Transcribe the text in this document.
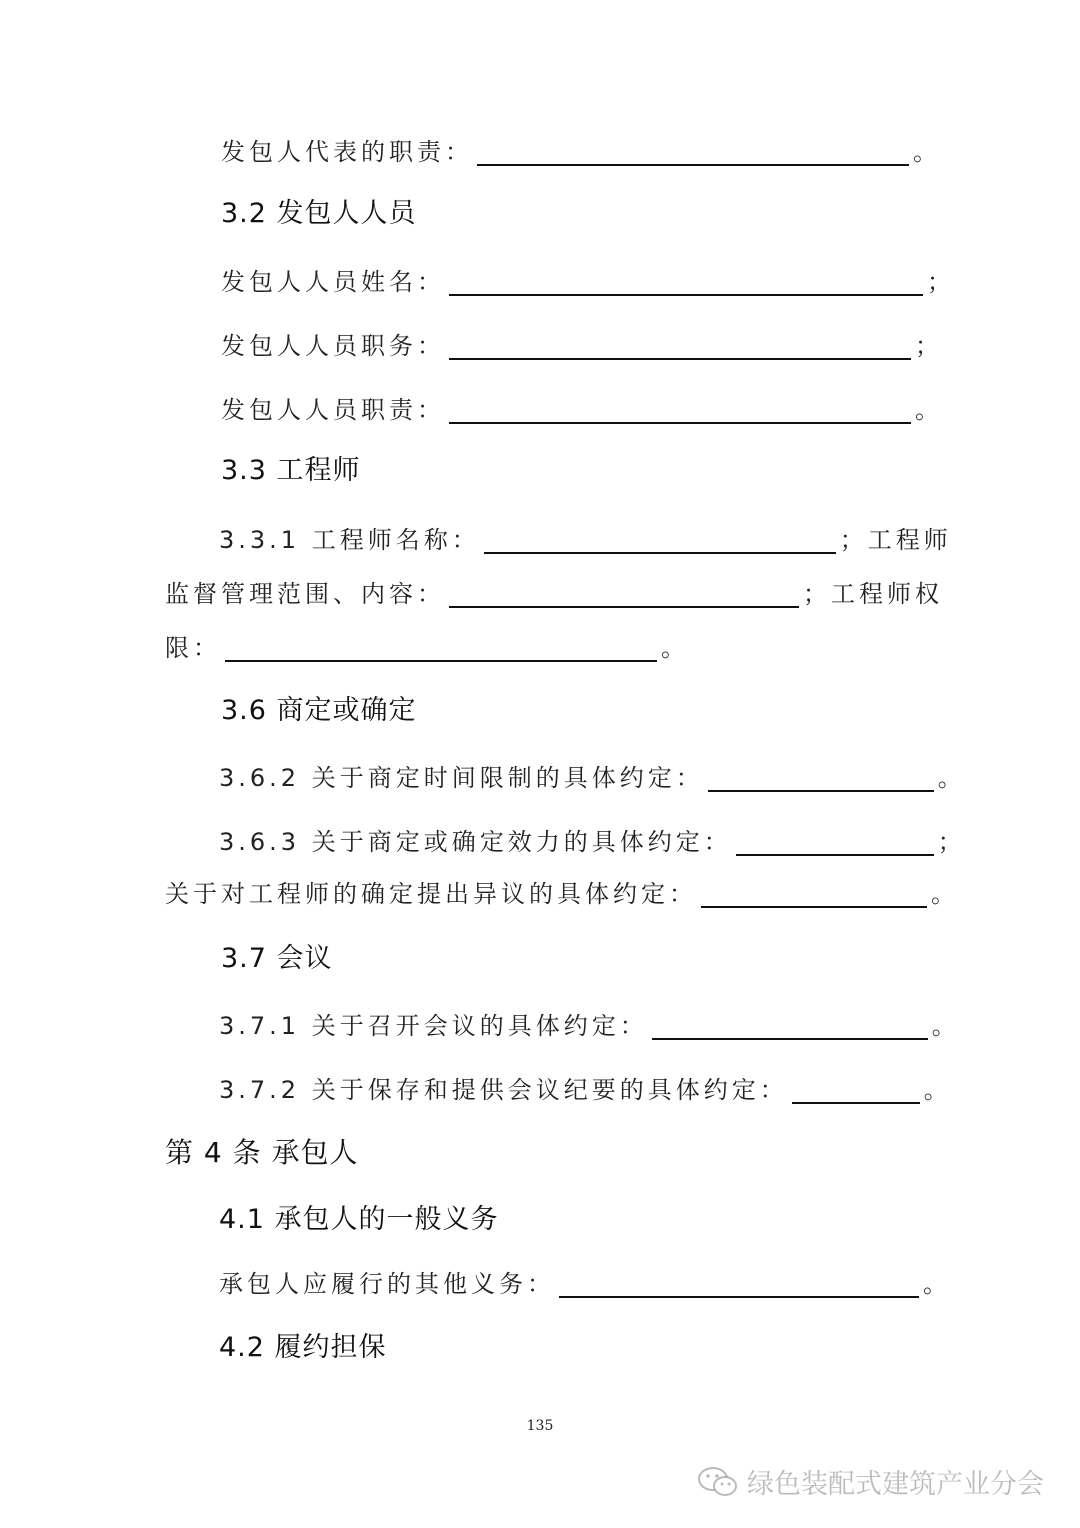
发包人代表的职责：	。
3.2 发包人人员
发包人人员姓名：	；
发包人人员职务：	；
发包人人员职责：	。
3.3 工程师
3.3.1 工程师名称：	；工程师
监督管理范围、内容：	；工程师权
限：	。
3.6 商定或确定
3.6.2 关于商定时间限制的具体约定：	。
3.6.3 关于商定或确定效力的具体约定：	；
关于对工程师的确定提出异议的具体约定：	。
3.7 会议
3.7.1 关于召开会议的具体约定：	。
3.7.2 关于保存和提供会议纪要的具体约定：	。
第 4 条 承包人
4.1 承包人的一般义务
承包人应履行的其他义务：	。
4.2 履约担保
135
绿色装配式建筑产业分会
